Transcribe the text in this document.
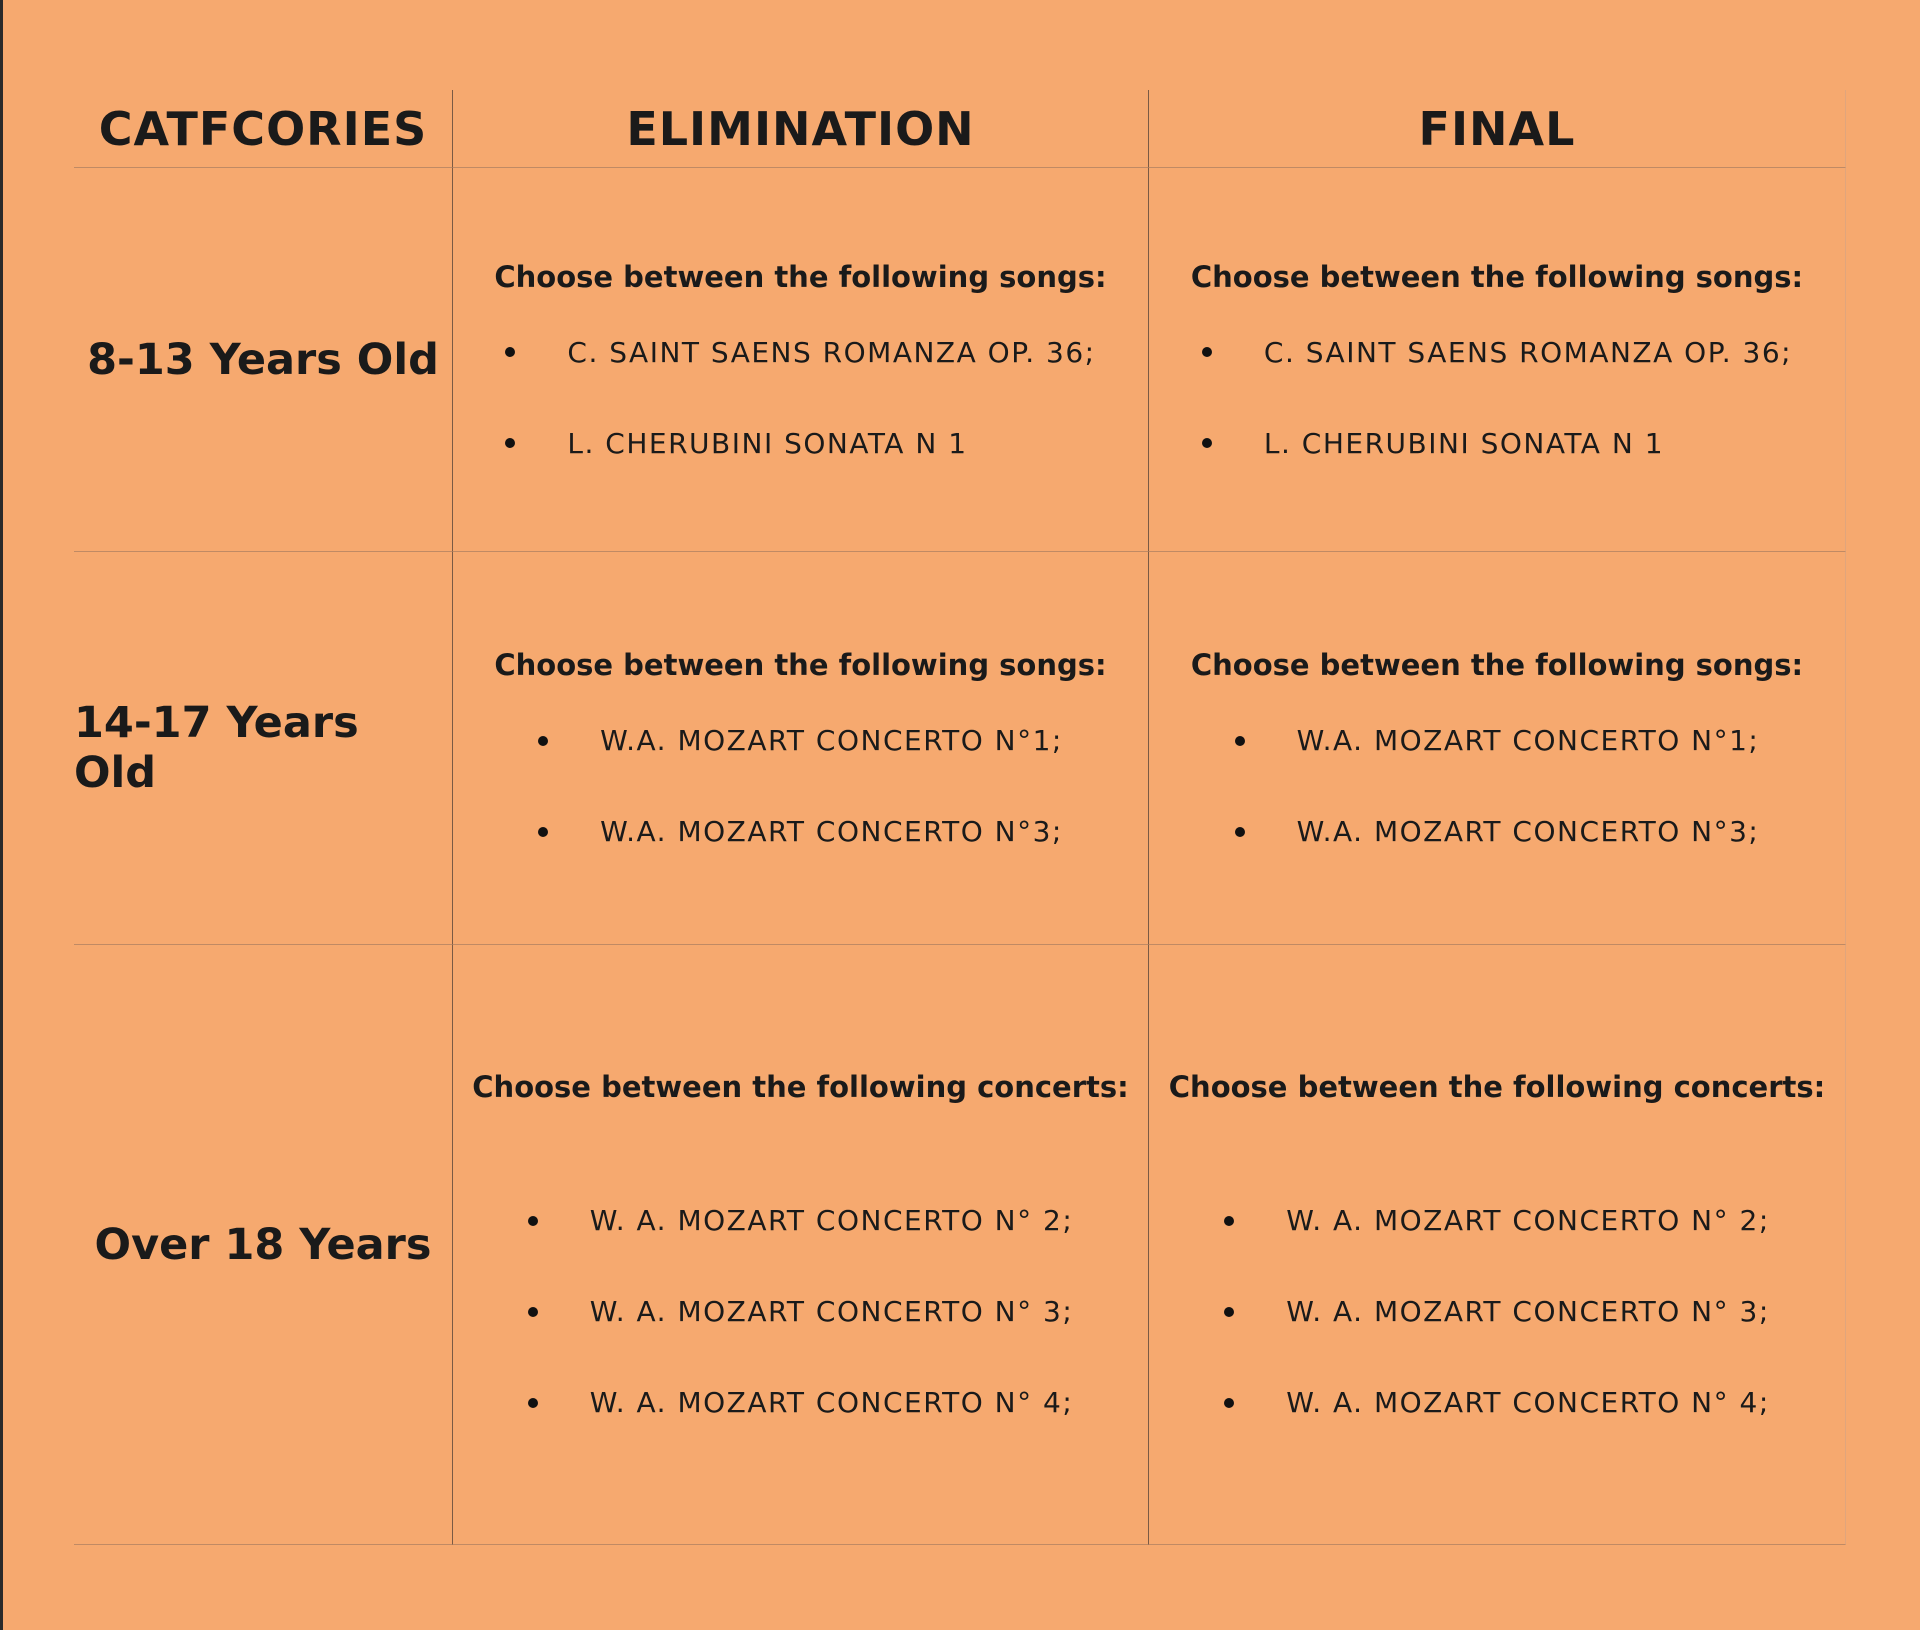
CATFCORIES	ELIMINATION	FINAL
8-13 Years Old
Choose between the following songs:
C. SAINT SAENS ROMANZA OP. 36;
L. CHERUBINI SONATA N 1
Choose between the following songs:
C. SAINT SAENS ROMANZA OP. 36;
L. CHERUBINI SONATA N 1
14-17 Years Old
Choose between the following songs:
W.A. MOZART CONCERTO N°1;
W.A. MOZART CONCERTO N°3;
Choose between the following songs:
W.A. MOZART CONCERTO N°1;
W.A. MOZART CONCERTO N°3;
Over 18 Years
Choose between the following concerts:
W. A. MOZART CONCERTO N° 2;
W. A. MOZART CONCERTO N° 3;
W. A. MOZART CONCERTO N° 4;
Choose between the following concerts:
W. A. MOZART CONCERTO N° 2;
W. A. MOZART CONCERTO N° 3;
W. A. MOZART CONCERTO N° 4;
